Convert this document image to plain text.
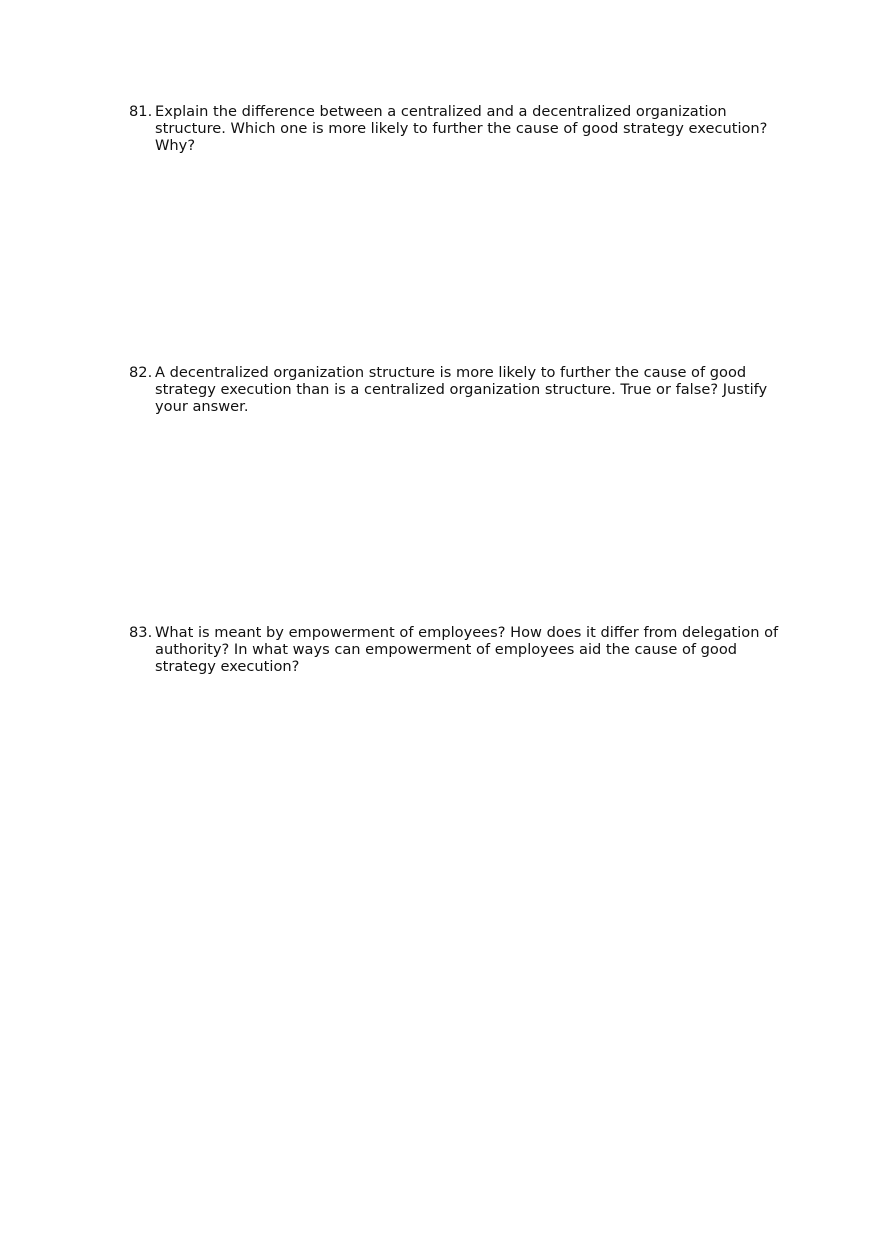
81. Explain the difference between a centralized and a decentralized organization
structure. Which one is more likely to further the cause of good strategy execution?
Why?

82. A decentralized organization structure is more likely to further the cause of good
strategy execution than is a centralized organization structure. True or false? Justify
your answer.

83. What is meant by empowerment of employees? How does it differ from delegation of
authority? In what ways can empowerment of employees aid the cause of good
strategy execution?
